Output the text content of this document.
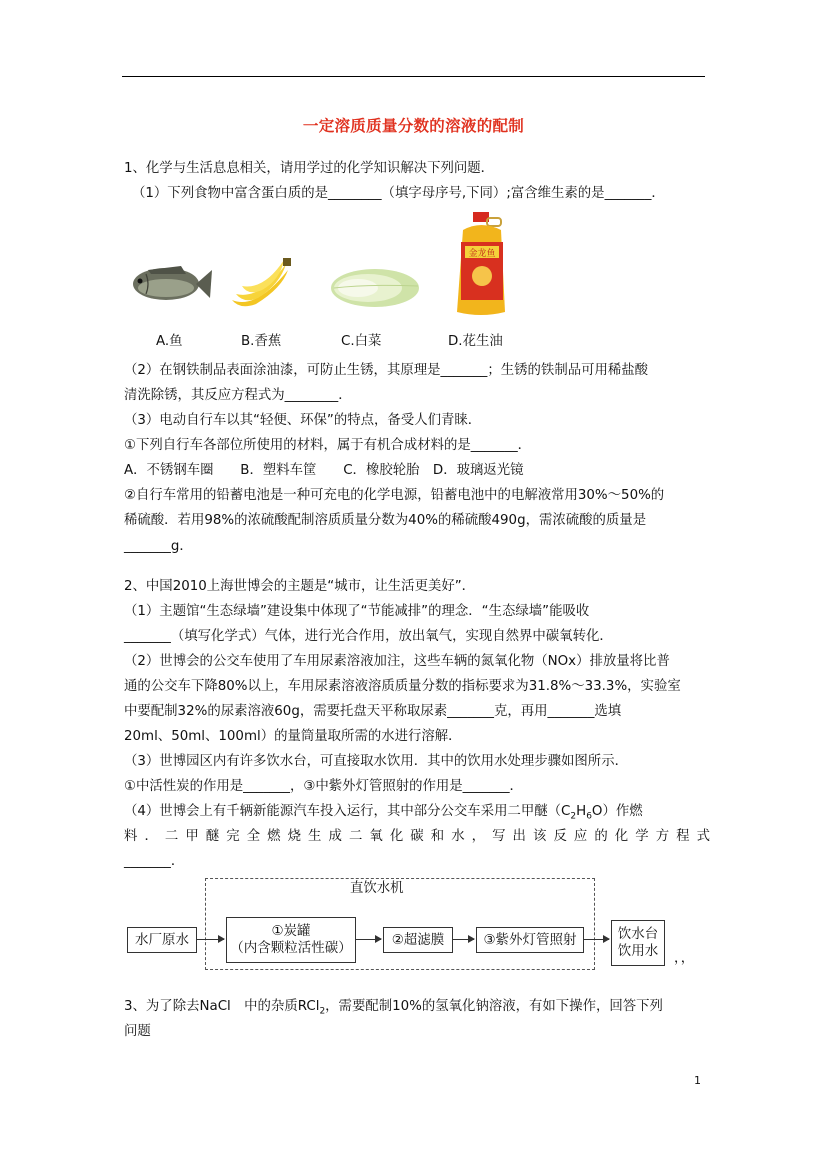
一定溶质质量分数的溶液的配制
1、化学与生活息息相关，请用学过的化学知识解决下列问题．
（1）下列食物中富含蛋白质的是________（填字母序号,下同）;富含维生素的是_______．
金龙鱼
A.鱼	B.香蕉	C.白菜	D.花生油
（2）在钢铁制品表面涂油漆，可防止生锈，其原理是_______；生锈的铁制品可用稀盐酸
清洗除锈，其反应方程式为________．
（3）电动自行车以其“轻便、环保”的特点，备受人们青睐．
①下列自行车各部位所使用的材料，属于有机合成材料的是_______．
A．不锈钢车圈　　B．塑料车筐　　C．橡胶轮胎　D．玻璃返光镜
②自行车常用的铅蓄电池是一种可充电的化学电源，铅蓄电池中的电解液常用30%～50%的
稀硫酸．若用98%的浓硫酸配制溶质质量分数为40%的稀硫酸490g，需浓硫酸的质量是
_______g．
2、中国2010上海世博会的主题是“城市，让生活更美好”．
（1）主题馆“生态绿墙”建设集中体现了“节能减排”的理念．“生态绿墙”能吸收
_______（填写化学式）气体，进行光合作用，放出氧气，实现自然界中碳氧转化．
（2）世博会的公交车使用了车用尿素溶液加注，这些车辆的氮氧化物（NOx）排放量将比普
通的公交车下降80%以上，车用尿素溶液溶质质量分数的指标要求为31.8%～33.3%，实验室
中要配制32%的尿素溶液60g，需要托盘天平称取尿素_______克，再用_______选填
20ml、50ml、100ml）的量筒量取所需的水进行溶解．
（3）世博园区内有许多饮水台，可直接取水饮用．其中的饮用水处理步骤如图所示．
①中活性炭的作用是_______，③中紫外灯管照射的作用是_______．
（4）世博会上有千辆新能源汽车投入运行，其中部分公交车采用二甲醚$(C_2H_6O)$作燃
料．二甲醚完全燃烧生成二氧化碳和水，写出该反应的化学方程式
_______．
直饮水机
水厂原水
①炭罐
（内含颗粒活性碳）
②超滤膜	③紫外灯管照射	饮水台
饮用水 ，，
3、为了除去NaCl　中的杂质RCl$_2$，需要配制10%的氢氧化钠溶液，有如下操作，回答下列
问题
1
